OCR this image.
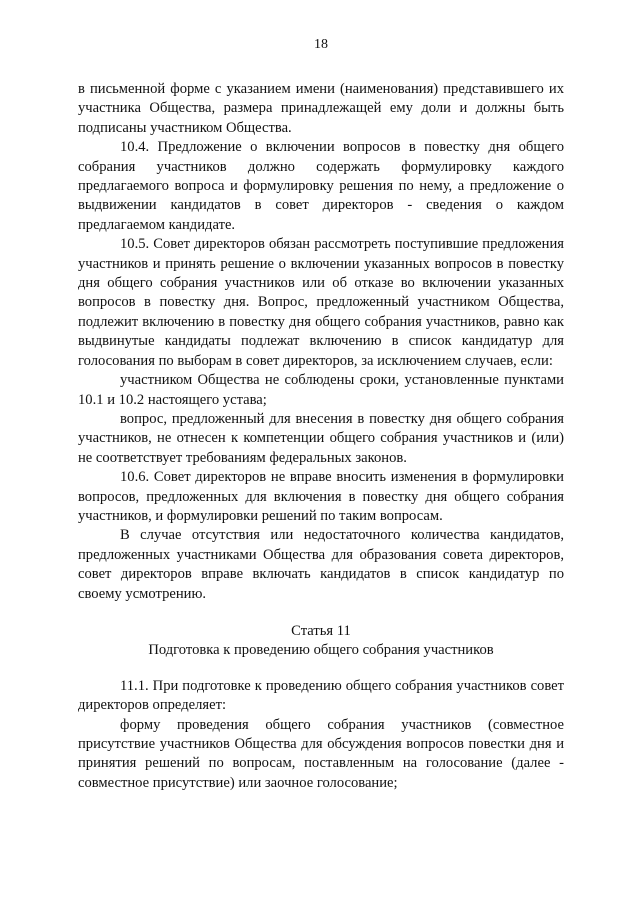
18

в письменной форме с указанием имени (наименования) представившего их участника Общества, размера принадлежащей ему доли и должны быть подписаны участником Общества.

10.4. Предложение о включении вопросов в повестку дня общего собрания участников должно содержать формулировку каждого предлагаемого вопроса и формулировку решения по нему, а предложение о выдвижении кандидатов в совет директоров - сведения о каждом предлагаемом кандидате.

10.5. Совет директоров обязан рассмотреть поступившие предложения участников и принять решение о включении указанных вопросов в повестку дня общего собрания участников или об отказе во включении указанных вопросов в повестку дня. Вопрос, предложенный участником Общества, подлежит включению в повестку дня общего собрания участников, равно как выдвинутые кандидаты подлежат включению в список кандидатур для голосования по выборам в совет директоров, за исключением случаев, если:

участником Общества не соблюдены сроки, установленные пунктами 10.1 и 10.2 настоящего устава;

вопрос, предложенный для внесения в повестку дня общего собрания участников, не отнесен к компетенции общего собрания участников и (или) не соответствует требованиям федеральных законов.

10.6. Совет директоров не вправе вносить изменения в формулировки вопросов, предложенных для включения в повестку дня общего собрания участников, и формулировки решений по таким вопросам.

В случае отсутствия или недостаточного количества кандидатов, предложенных участниками Общества для образования совета директоров, совет директоров вправе включать кандидатов в список кандидатур по своему усмотрению.

Статья 11

Подготовка к проведению общего собрания участников

11.1. При подготовке к проведению общего собрания участников совет директоров определяет:

форму проведения общего собрания участников (совместное присутствие участников Общества для обсуждения вопросов повестки дня и принятия решений по вопросам, поставленным на голосование (далее - совместное присутствие) или заочное голосование;
